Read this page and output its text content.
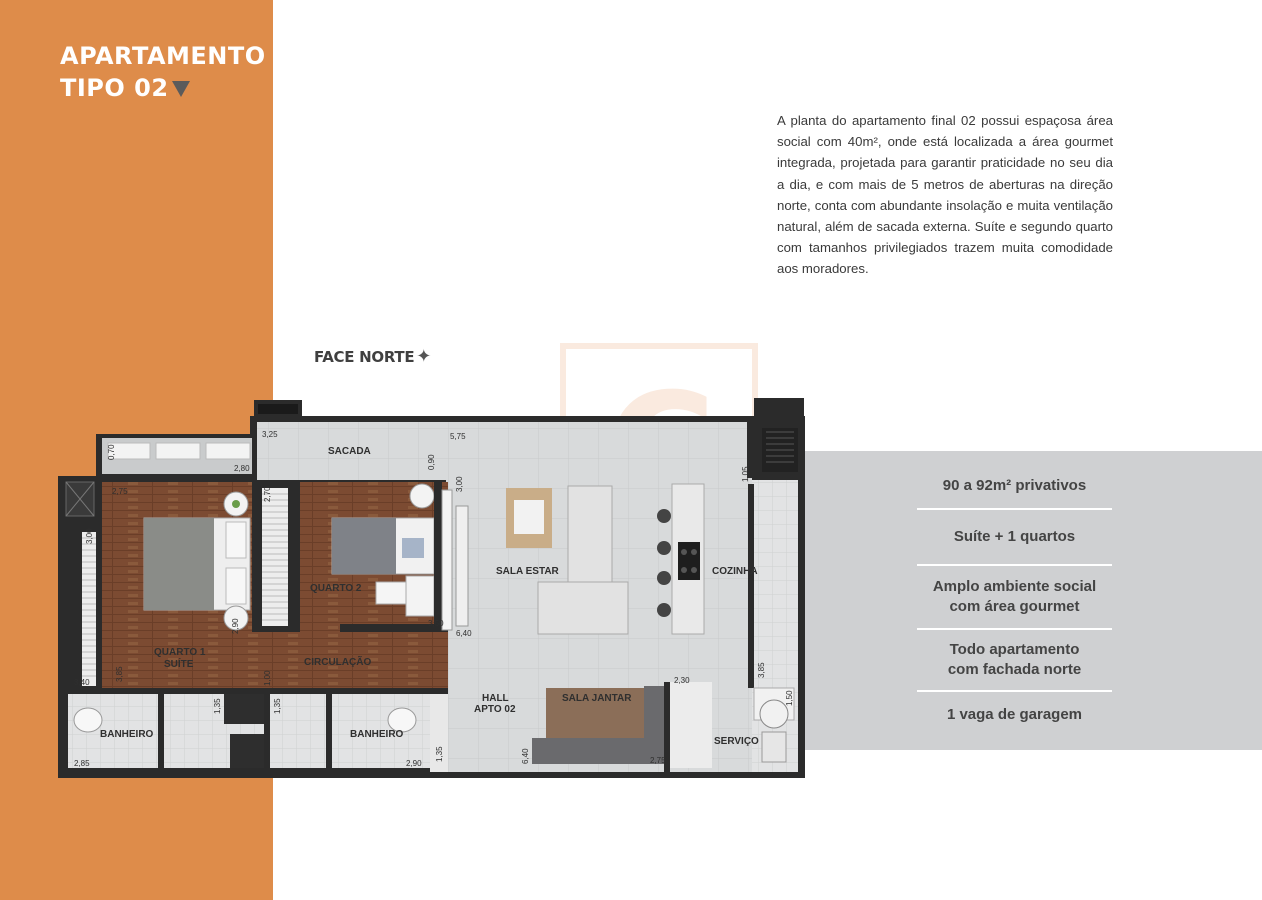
APARTAMENTO
TIPO 02
A planta do apartamento final 02 possui espaçosa área social com 40m², onde está localizada a área gourmet integrada, projetada para garantir praticidade no seu dia a dia, e com mais de 5 metros de aberturas na direção norte, conta com abundante insolação e muita ventilação natural, além de sacada externa. Suíte e segundo quarto com tamanhos privilegiados trazem muita comodidade aos moradores.
FACE NORTE ✦
90 a 92m² privativos
Suíte + 1 quartos
Amplo ambiente social
com área gourmet
Todo apartamento
com fachada norte
1 vaga de garagem
SACADA
SALA ESTAR	COZINHA
QUARTO 2
QUARTO 1
SUÍTE	CIRCULAÇÃO
HALL
APTO 02
SALA JANTAR
BANHEIRO	BANHEIRO
SERVIÇO
3,25	5,75
0,70
2,80	0,90
3,00
1,05
2,75	2,70
3,00
2,90	3,50
6,40
1,00
3,40
3,85	2,30
3,85
1,50
1,35	1,35
1,35	6,40	2,75
2,85	2,90
